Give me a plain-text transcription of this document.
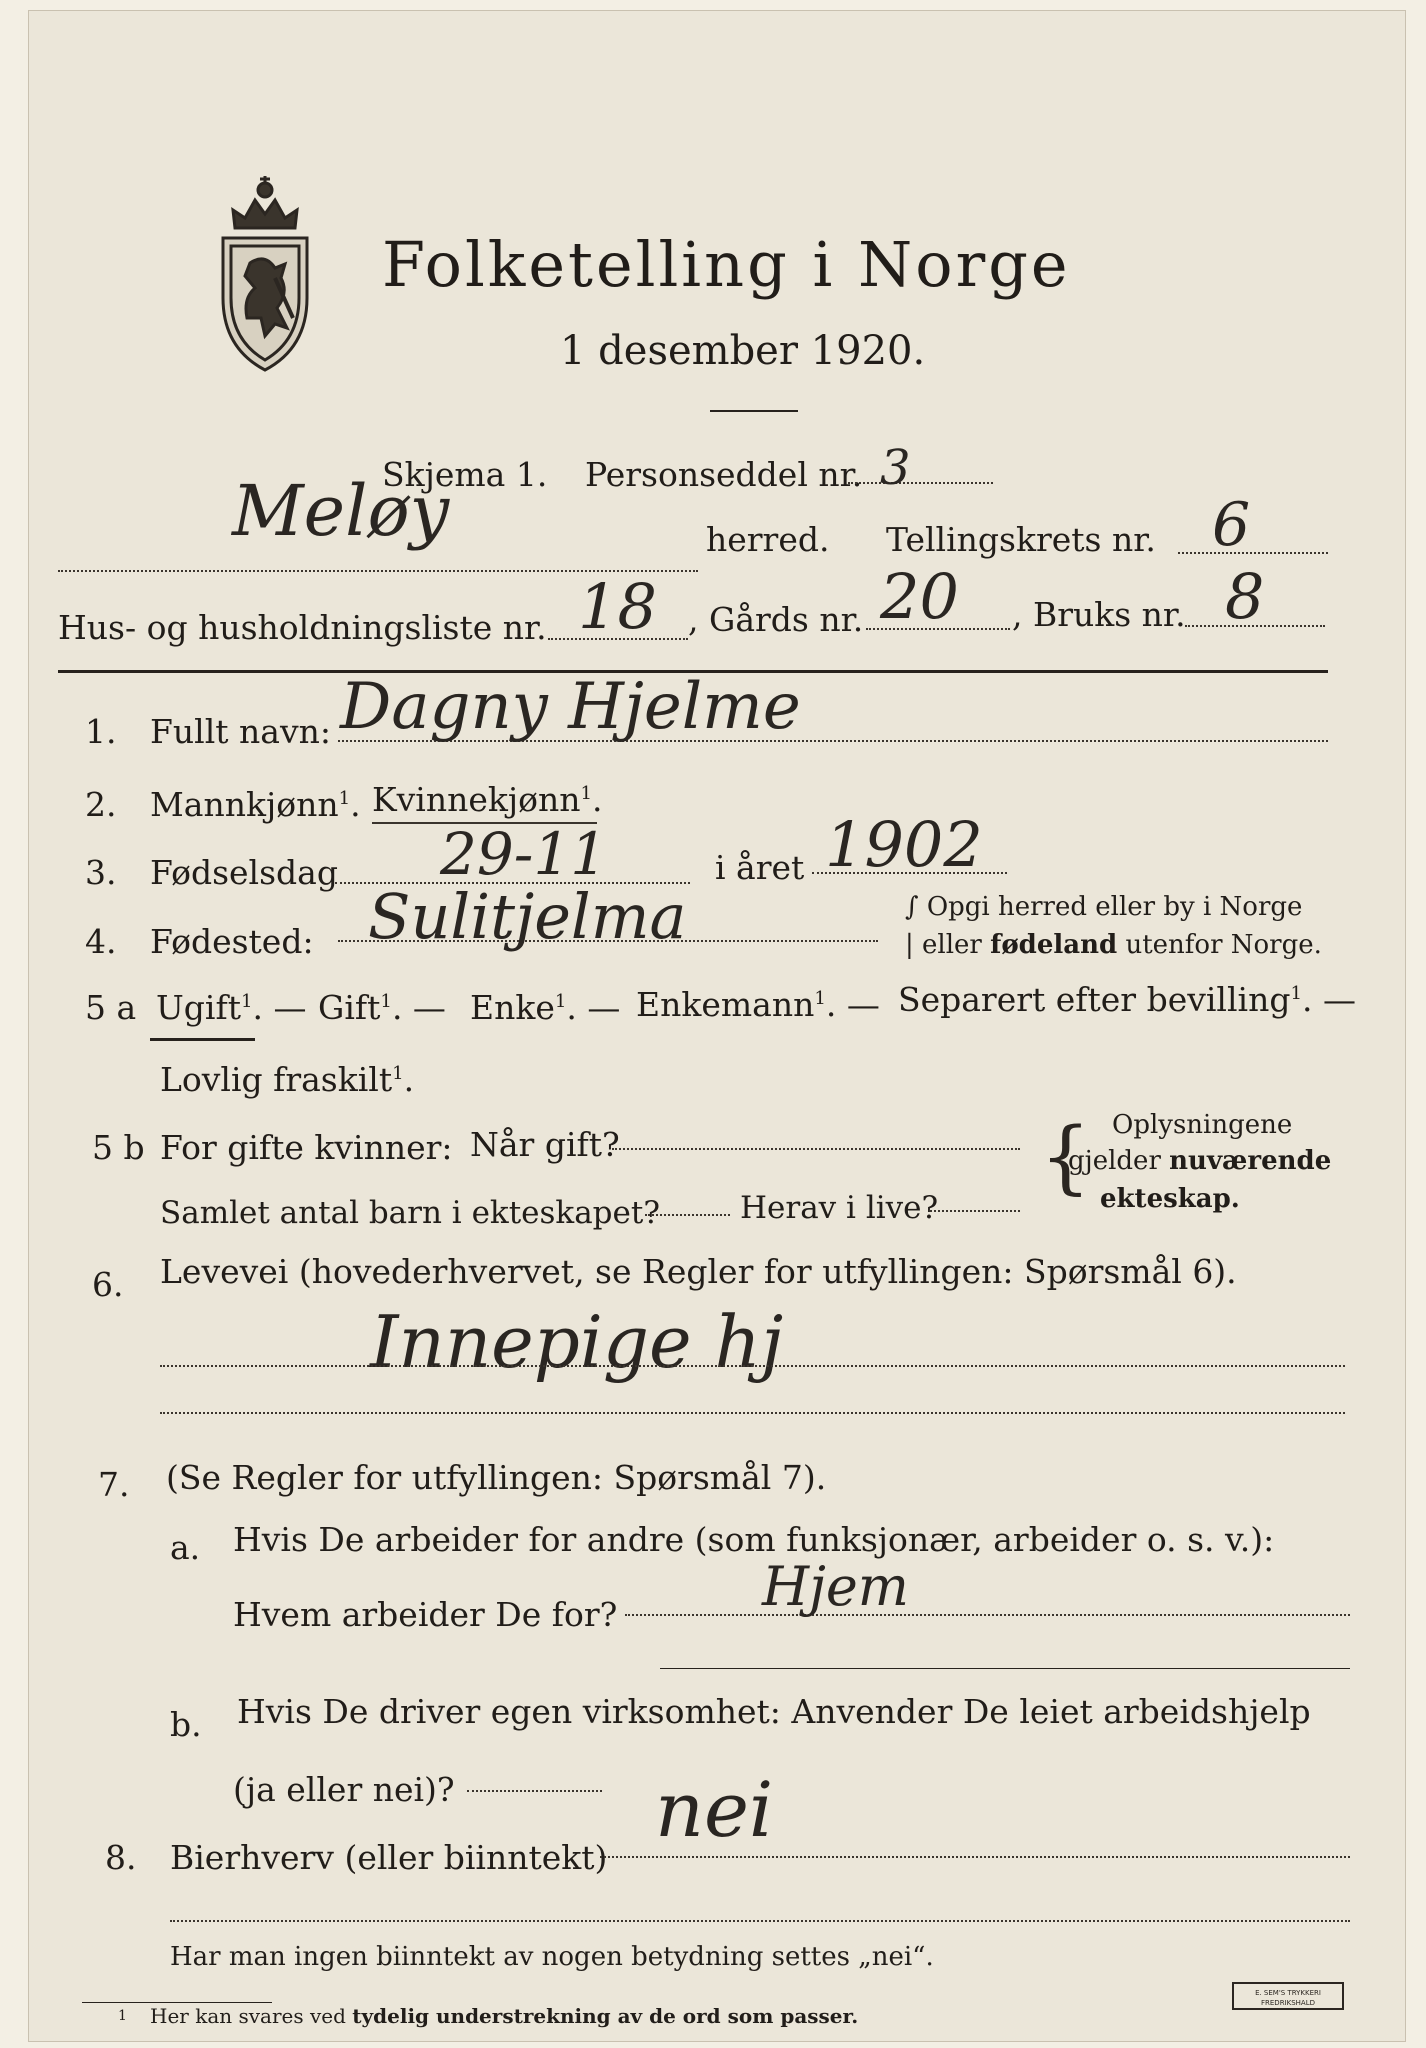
Folketelling i Norge
1 desember 1920.
Skjema 1. Personseddel nr. 3
Meløy	herred. Tellingskrets nr. 6
Hus- og husholdningsliste nr. 18 , Gårds nr. 20 , Bruks nr. 8
1. Fullt navn: Dagny Hjelme
2. Mannkjønn$^1$. Kvinnekjønn$^1$.
3. Fødselsdag 29-11	i året 1902
4. Fødested: Sulitjelma	∫ Opgi herred eller by i Norge
| eller fødeland utenfor Norge.
5 a Ugift$^1$. — Gift$^1$. — Enke$^1$. — Enkemann$^1$. — Separert efter bevilling$^1$. —
Lovlig fraskilt$^1$.
5 b For gifte kvinner: Når gift?
Samlet antal barn i ekteskapet?	Herav i live?
{ Oplysningene
gjelder nuværende
ekteskap.
6. Levevei (hovederhvervet, se Regler for utfyllingen: Spørsmål 6).
Innepige hj
7. (Se Regler for utfyllingen: Spørsmål 7).
a. Hvis De arbeider for andre (som funksjonær, arbeider o. s. v.):
Hvem arbeider De for?	Hjem
b. Hvis De driver egen virksomhet: Anvender De leiet arbeidshjelp
(ja eller nei)?
8. Bierhverv (eller biinntekt)
nei
Har man ingen biinntekt av nogen betydning settes „nei“.
1 Her kan svares ved tydelig understrekning av de ord som passer.
E. SEM'S TRYKKERI FREDRIKSHALD
